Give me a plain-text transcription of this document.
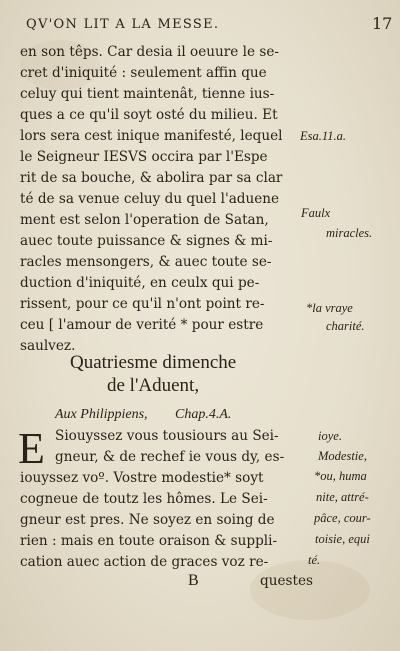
QV'ON LIT A LA MESSE.	17
en son têps. Car desia il oeuure le se-
cret d'iniquité : seulement affin que
celuy qui tient maintenât, tienne ius-
ques a ce qu'il soyt osté du milieu. Et
lors sera cest inique manifesté, lequel
le Seigneur IESVS occira par l'Espe
rit de sa bouche, & abolira par sa clar
té de sa venue celuy du quel l'aduene
ment est selon l'operation de Satan,
auec toute puissance & signes & mi-
racles mensongers, & auec toute se-
duction d'iniquité, en ceulx qui pe-
rissent, pour ce qu'il n'ont point re-
ceu [ l'amour de verité * pour estre
saulvez.
Esa.11.a.
Faulx
miracles.
*la vraye
charité.
Quatriesme dimenche
de l'Aduent,
Aux Philippiens, Chap.4.A.
E Siouyssez vous tousiours au Sei-
gneur, & de rechef ie vous dy, es-
iouyssez voº. Vostre modestie* soyt
cogneue de toutz les hômes. Le Sei-
gneur est pres. Ne soyez en soing de
rien : mais en toute oraison & suppli-
cation auec action de graces voz re-
ioye.
Modestie,
*ou, huma
nite, attré-
pâce, cour-
toisie, equi
té.
B	questes
